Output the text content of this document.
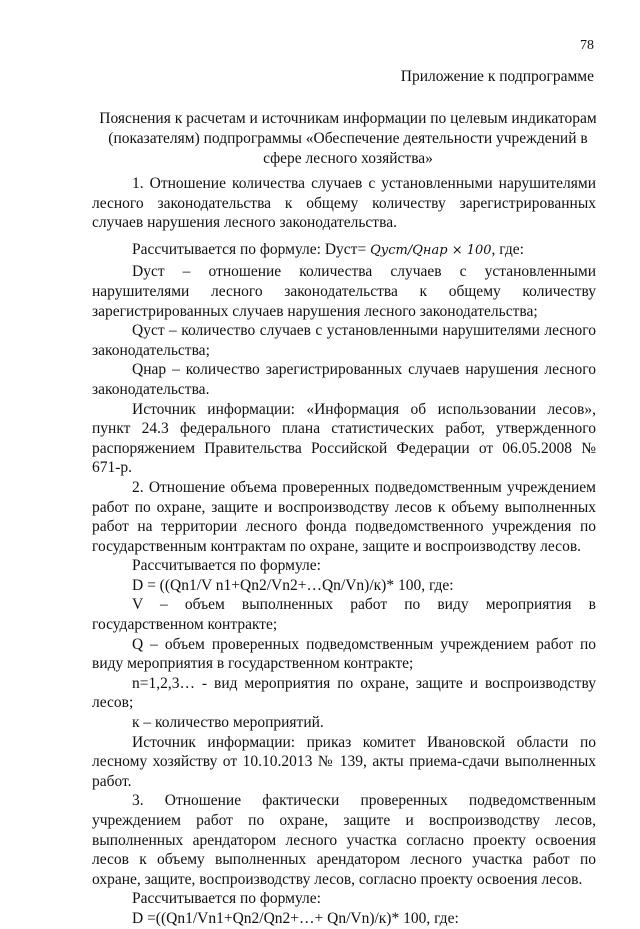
78
Приложение к подпрограмме
Пояснения к расчетам и источникам информации по целевым индикаторам (показателям) подпрограммы «Обеспечение деятельности учреждений в сфере лесного хозяйства»

1. Отношение количества случаев с установленными нарушителями лесного законодательства к общему количеству зарегистрированных случаев нарушения лесного законодательства.

Рассчитывается по формуле: Dуст= Qуст/Qнар × 100, где:

Dуст – отношение количества случаев с установленными нарушителями лесного законодательства к общему количеству зарегистрированных случаев нарушения лесного законодательства;

Qуст – количество случаев с установленными нарушителями лесного законодательства;

Qнар – количество зарегистрированных случаев нарушения лесного законодательства.

Источник информации: «Информация об использовании лесов», пункт 24.3 федерального плана статистических работ, утвержденного распоряжением Правительства Российской Федерации от 06.05.2008 № 671-р.

2. Отношение объема проверенных подведомственным учреждением работ по охране, защите и воспроизводству лесов к объему выполненных работ на территории лесного фонда подведомственного учреждения по государственным контрактам по охране, защите и воспроизводству лесов.

Рассчитывается по формуле:

D = ((Qn1/V n1+Qn2/Vn2+…Qn/Vn)/к)* 100, где:

V – объем выполненных работ по виду мероприятия в государственном контракте;

Q – объем проверенных подведомственным учреждением работ по виду мероприятия в государственном контракте;

n=1,2,3… - вид мероприятия по охране, защите и воспроизводству лесов;

к – количество мероприятий.

Источник информации: приказ комитет Ивановской области по лесному хозяйству от 10.10.2013 № 139, акты приема-сдачи выполненных работ.

3. Отношение фактически проверенных подведомственным учреждением работ по охране, защите и воспроизводству лесов, выполненных арендатором лесного участка согласно проекту освоения лесов к объему выполненных арендатором лесного участка работ по охране, защите, воспроизводству лесов, согласно проекту освоения лесов.

Рассчитывается по формуле:

D =((Qn1/Vn1+Qn2/Qn2+…+ Qn/Vn)/к)* 100, где:
